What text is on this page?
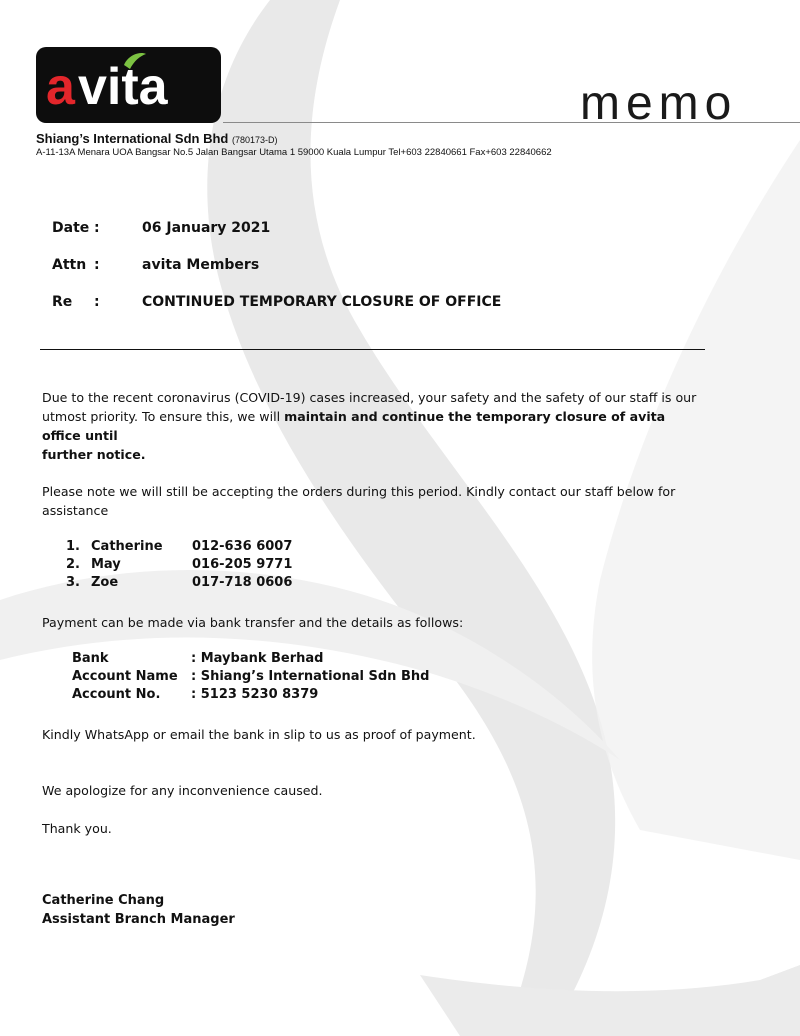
a vita	memo
Shiang’s International Sdn Bhd (780173-D)
A-11-13A Menara UOA Bangsar No.5 Jalan Bangsar Utama 1 59000 Kuala Lumpur Tel+603 22840661 Fax+603 22840662
Date :	06 January 2021
Attn :	avita Members
Re :	CONTINUED TEMPORARY CLOSURE OF OFFICE
Due to the recent coronavirus (COVID-19) cases increased, your safety and the safety of our staff is our
utmost priority. To ensure this, we will maintain and continue the temporary closure of avita office until
further notice.
Please note we will still be accepting the orders during this period. Kindly contact our staff below for
assistance
1. Catherine 012-636 6007
2. May	016-205 9771
3. Zoe	017-718 0606
Payment can be made via bank transfer and the details as follows:
Bank	: Maybank Berhad
Account Name : Shiang’s International Sdn Bhd
Account No. : 5123 5230 8379
Kindly WhatsApp or email the bank in slip to us as proof of payment.
We apologize for any inconvenience caused.
Thank you.
Catherine Chang
Assistant Branch Manager
